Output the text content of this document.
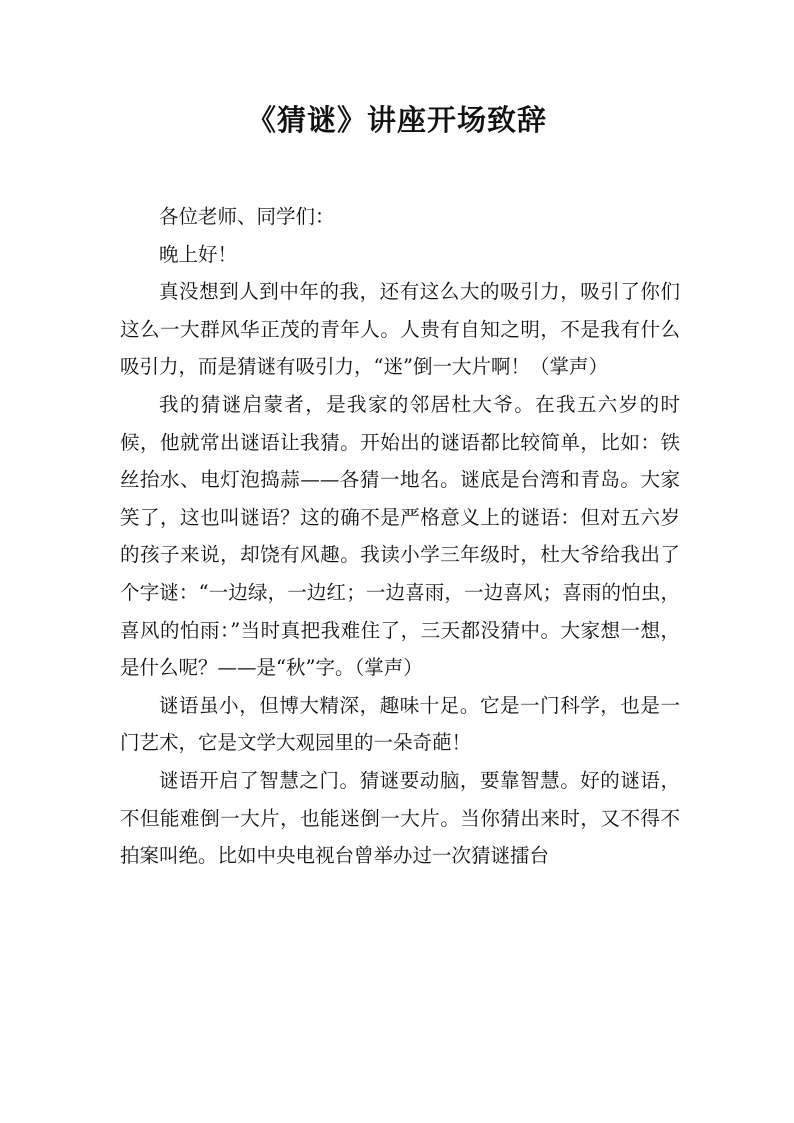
《猜谜》讲座开场致辞

各位老师、同学们：

晚上好！

真没想到人到中年的我，还有这么大的吸引力，吸引了你们这么一大群风华正茂的青年人。人贵有自知之明，不是我有什么吸引力，而是猜谜有吸引力，“迷”倒一大片啊！（掌声）

我的猜谜启蒙者，是我家的邻居杜大爷。在我五六岁的时候，他就常出谜语让我猜。开始出的谜语都比较简单，比如：铁丝抬水、电灯泡捣蒜——各猜一地名。谜底是台湾和青岛。大家笑了，这也叫谜语？这的确不是严格意义上的谜语：但对五六岁的孩子来说，却饶有风趣。我读小学三年级时，杜大爷给我出了个字谜：“一边绿，一边红；一边喜雨，一边喜风；喜雨的怕虫，喜风的怕雨：”当时真把我难住了，三天都没猜中。大家想一想，是什么呢？——是“秋”字。（掌声）

谜语虽小，但博大精深，趣味十足。它是一门科学，也是一门艺术，它是文学大观园里的一朵奇葩！

谜语开启了智慧之门。猜谜要动脑，要靠智慧。好的谜语，不但能难倒一大片，也能迷倒一大片。当你猜出来时，又不得不拍案叫绝。比如中央电视台曾举办过一次猜谜擂台
